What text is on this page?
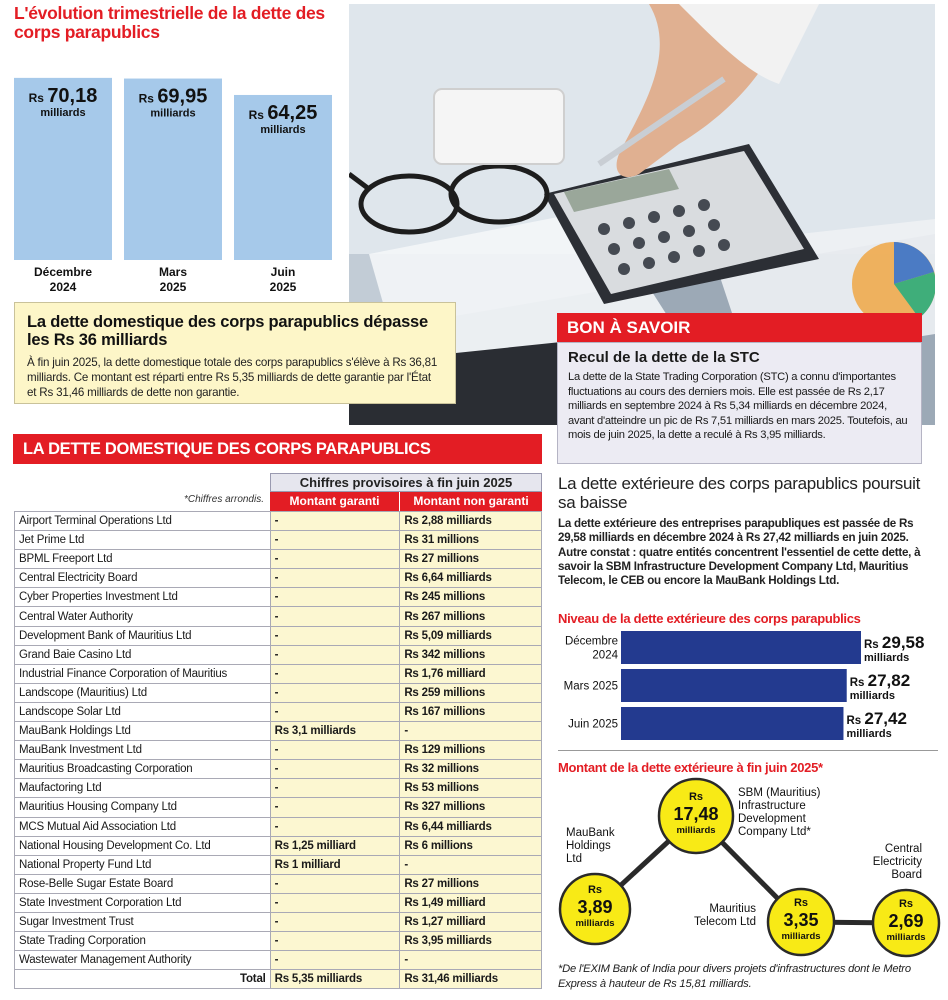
L'évolution trimestrielle de la dette des corps parapublics
Rs 70,18
milliards
Décembre
2024
Rs 69,95
milliards
Mars
2025
Rs 64,25
milliards
Juin
2025
La dette domestique des corps parapublics dépasse les Rs 36 milliards

À fin juin 2025, la dette domestique totale des corps parapublics s'élève à Rs 36,81 milliards. Ce montant est réparti entre Rs 5,35 milliards de dette garantie par l'État et Rs 31,46 milliards de dette non garantie.

BON À SAVOIR
Recul de la dette de la STC

La dette de la State Trading Corporation (STC) a connu d'importantes fluctuations au cours des derniers mois. Elle est passée de Rs 2,17 milliards en septembre 2024 à Rs 5,34 milliards en décembre 2024, avant d'atteindre un pic de Rs 7,51 milliards en mars 2025. Toutefois, au mois de juin 2025, la dette a reculé à Rs 3,95 milliards.

LA DETTE DOMESTIQUE DES CORPS PARAPUBLICS
Chiffres provisoires à fin juin 2025
*Chiffres arrondis.	Montant garanti	Montant non garanti
Airport Terminal Operations Ltd	-	Rs 2,88 milliards
Jet Prime Ltd	-	Rs 31 millions
BPML Freeport Ltd	-	Rs 27 millions
Central Electricity Board	-	Rs 6,64 milliards
Cyber Properties Investment Ltd	-	Rs 245 millions
Central Water Authority	-	Rs 267 millions
Development Bank of Mauritius Ltd	-	Rs 5,09 milliards
Grand Baie Casino Ltd	-	Rs 342 millions
Industrial Finance Corporation of Mauritius	-	Rs 1,76 milliard
Landscope (Mauritius) Ltd	-	Rs 259 millions
Landscope Solar Ltd	-	Rs 167 millions
MauBank Holdings Ltd	Rs 3,1 milliards	-
MauBank Investment Ltd	-	Rs 129 millions
Mauritius Broadcasting Corporation	-	Rs 32 millions
Maufactoring Ltd	-	Rs 53 millions
Mauritius Housing Company Ltd	-	Rs 327 millions
MCS Mutual Aid Association Ltd	-	Rs 6,44 milliards
National Housing Development Co. Ltd	Rs 1,25 milliard	Rs 6 millions
National Property Fund Ltd	Rs 1 milliard	-
Rose-Belle Sugar Estate Board	-	Rs 27 millions
State Investment Corporation Ltd	-	Rs 1,49 milliard
Sugar Investment Trust	-	Rs 1,27 milliard
State Trading Corporation	-	Rs 3,95 milliards
Wastewater Management Authority	-	-
Total	Rs 5,35 milliards	Rs 31,46 milliards
La dette extérieure des corps parapublics poursuit sa baisse
La dette extérieure des entreprises parapubliques est passée de Rs 29,58 milliards en décembre 2024 à Rs 27,42 milliards en juin 2025. Autre constat : quatre entités concentrent l'essentiel de cette dette, à savoir la SBM Infrastructure Development Company Ltd, Mauritius Telecom, le CEB ou encore la MauBank Holdings Ltd.
Niveau de la dette extérieure des corps parapublics
Décembre
2024
Rs 29,58
milliards
Mars 2025	Rs 27,82
milliards
Juin 2025	Rs 27,42
milliards
Montant de la dette extérieure à fin juin 2025*
Rs
3,89
milliards
MauBank
Holdings
Ltd
Rs
17,48
milliards
SBM (Mauritius)
Infrastructure
Development
Company Ltd*
Rs
3,35
milliards
Mauritius
Telecom Ltd
Rs
2,69
milliards
Central
Electricity
Board
*De l'EXIM Bank of India pour divers projets d'infrastructures dont le Metro Express à hauteur de Rs 15,81 milliards.
